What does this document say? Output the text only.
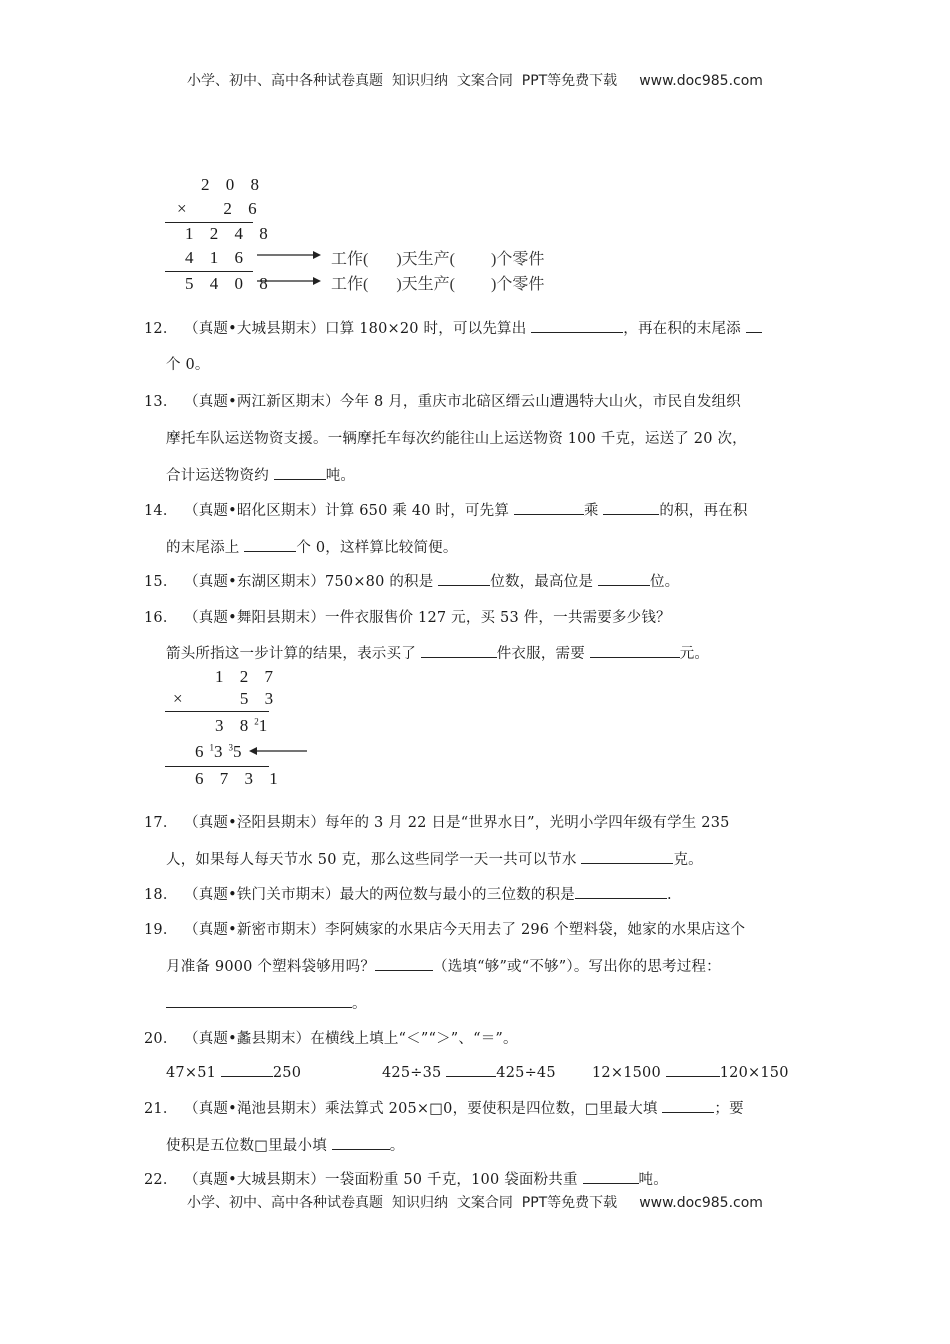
小学、初中、高中各种试卷真题  知识归纳  文案合同  PPT等免费下载 www.doc985.com
2 0 8
×   2 6
1 2 4 8
4 1 6
5 4 0 8
工作(       )天生产(         )个零件
工作(       )天生产(         )个零件
12． （真题•大城县期末）口算 180×20 时，可以先算出	，再在积的末尾添
个 0。
13． （真题•两江新区期末）今年 8 月，重庆市北碚区缙云山遭遇特大山火，市民自发组织
摩托车队运送物资支援。一辆摩托车每次约能往山上运送物资 100 千克，运送了 20 次，
合计运送物资约	吨。
14． （真题•昭化区期末）计算 650 乘 40 时，可先算	乘	的积，再在积
的末尾添上	个 0，这样算比较简便。
15． （真题•东湖区期末）750×80 的积是	位数，最高位是	位。
16． （真题•舞阳县期末）一件衣服售价 127 元，买 53 件，一共需要多少钱？
箭头所指这一步计算的结果，表示买了	件衣服，需要	元。
1 2 7
×     5 3
3 $8^21$
$6^13^35$
6 7 3 1
17． （真题•泾阳县期末）每年的 3 月 22 日是“世界水日”，光明小学四年级有学生 235
人，如果每人每天节水 50 克，那么这些同学一天一共可以节水	克。
18． （真题•铁门关市期末）最大的两位数与最小的三位数的积是	.
19． （真题•新密市期末）李阿姨家的水果店今天用去了 296 个塑料袋，她家的水果店这个
月准备 9000 个塑料袋够用吗？	（选填“够”或“不够”）。写出你的思考过程：
。
20． （真题•蠡县期末）在横线上填上“＜”“＞”、“＝”。
47×51	250	425÷35	425÷45 12×1500	120×150
21． （真题•渑池县期末）乘法算式 205×□0，要使积是四位数，□里最大填	；要
使积是五位数□里最小填	。
22． （真题•大城县期末）一袋面粉重 50 千克，100 袋面粉共重	吨。
小学、初中、高中各种试卷真题  知识归纳  文案合同  PPT等免费下载 www.doc985.com
